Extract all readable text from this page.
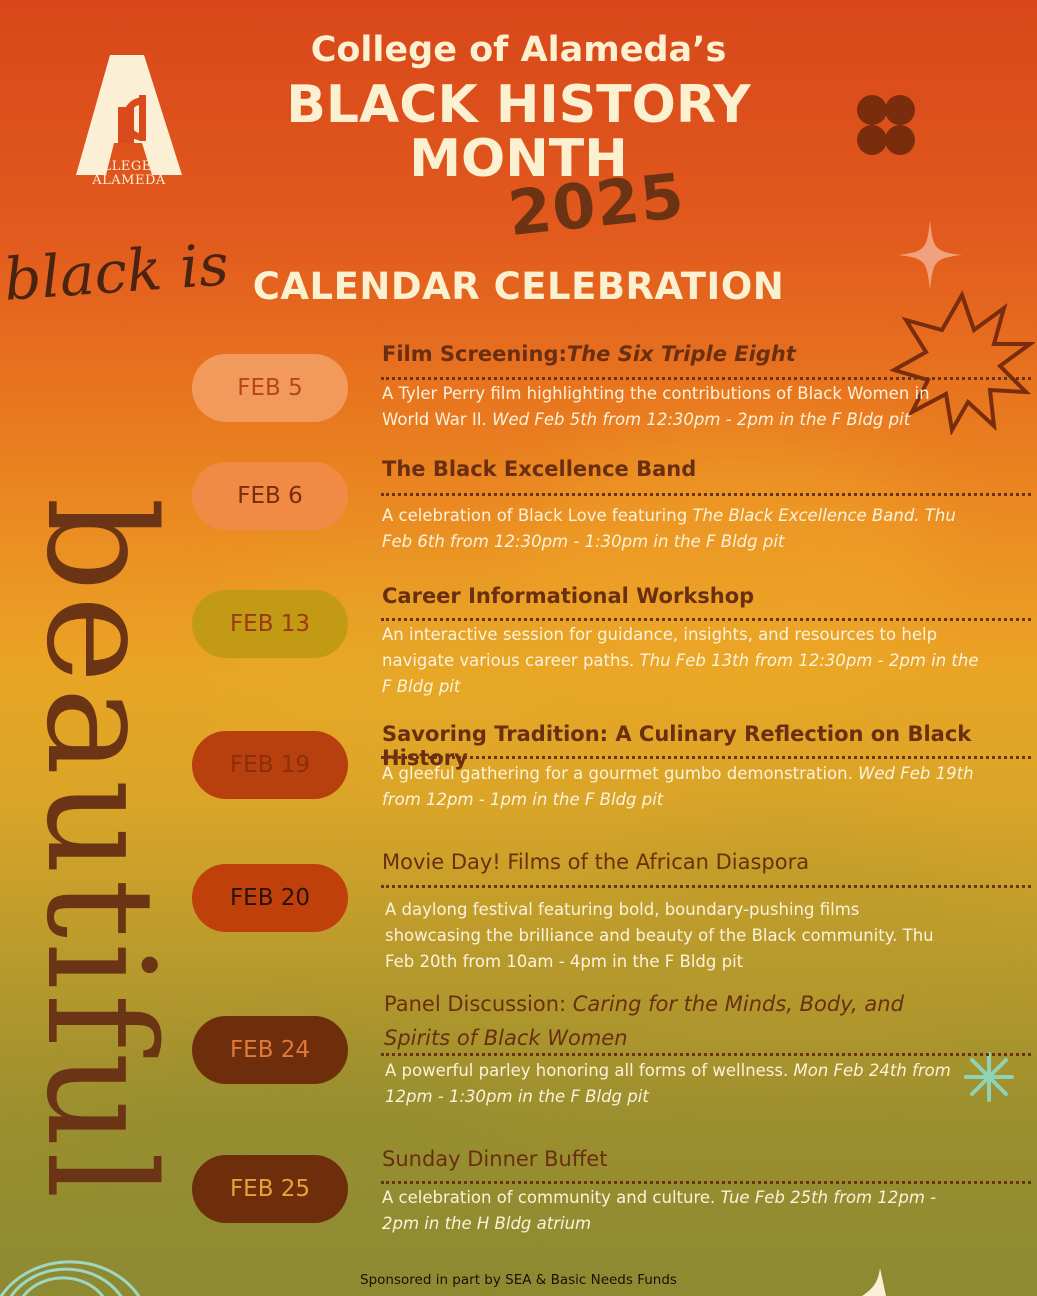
COLLEGE OF
ALAMEDA
College of Alameda’s
BLACK HISTORY
MONTH
2025
CALENDAR CELEBRATION
black is
beautiful
FEB 5
Film Screening:The Six Triple Eight
A Tyler Perry film highlighting the contributions of Black Women in World War II. Wed Feb 5th from 12:30pm - 2pm in the F Bldg pit
FEB 6
The Black Excellence Band
A celebration of Black Love featuring The Black Excellence Band. Thu Feb 6th from 12:30pm - 1:30pm in the F Bldg pit
FEB 13
Career Informational Workshop
An interactive session for guidance, insights, and resources to help navigate various career paths. Thu Feb 13th from 12:30pm - 2pm in the F Bldg pit
FEB 19
Savoring Tradition: A Culinary Reflection on Black History
A gleeful gathering for a gourmet gumbo demonstration. Wed Feb 19th from 12pm - 1pm in the F Bldg pit
FEB 20
Movie Day! Films of the African Diaspora
A daylong festival featuring bold, boundary-pushing films showcasing the brilliance and beauty of the Black community. Thu Feb 20th from 10am - 4pm in the F Bldg pit
FEB 24
Panel Discussion: Caring for the Minds, Body, and Spirits of Black Women
A powerful parley honoring all forms of wellness. Mon Feb 24th from 12pm - 1:30pm in the F Bldg pit
FEB 25
Sunday Dinner Buffet
A celebration of community and culture. Tue Feb 25th from 12pm - 2pm in the H Bldg atrium
Sponsored in part by SEA & Basic Needs Funds
